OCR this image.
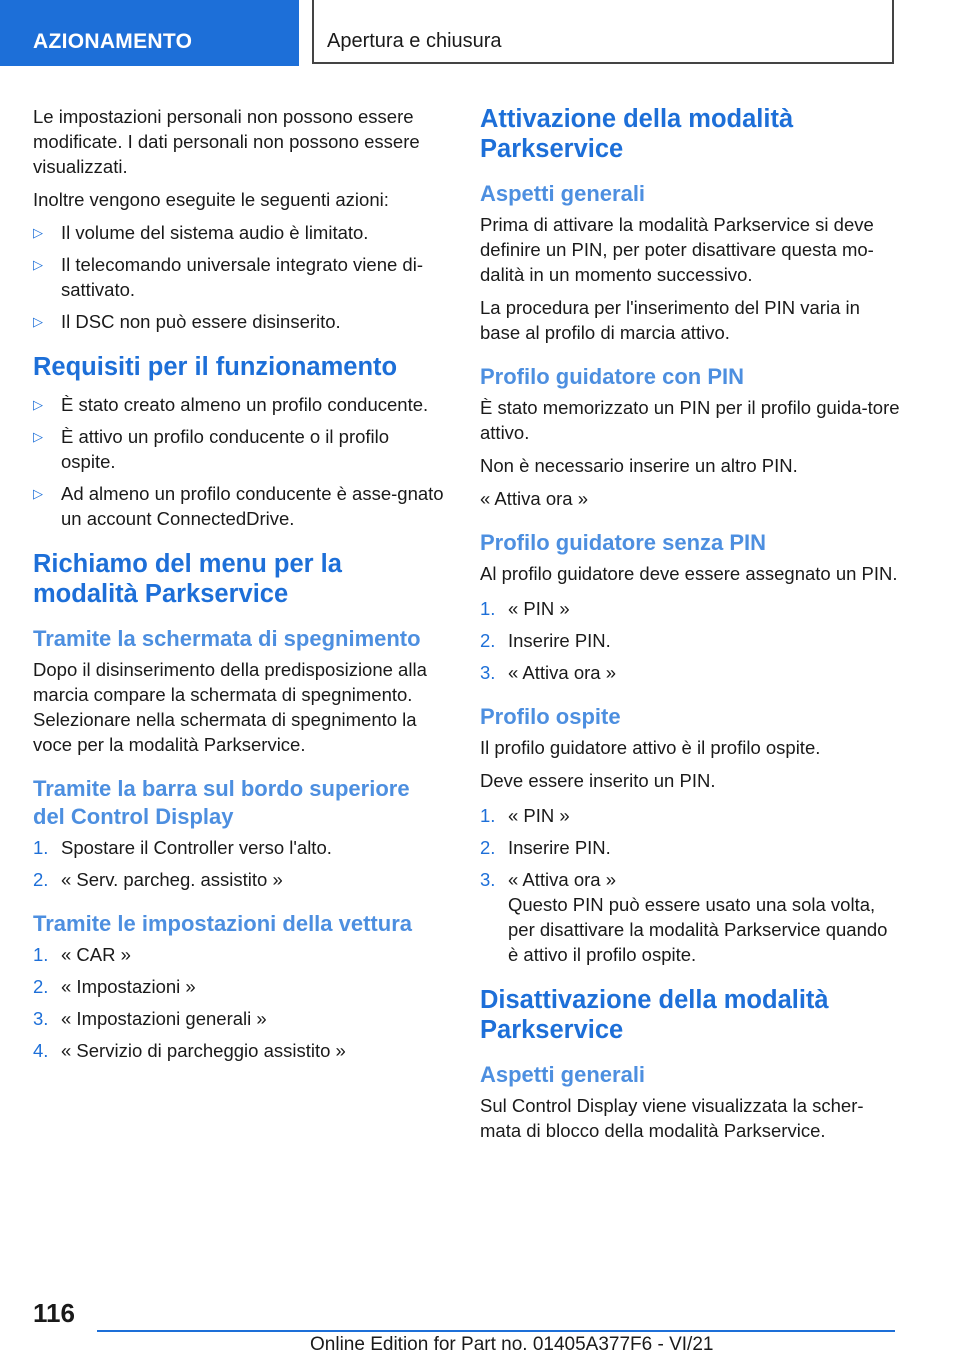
AZIONAMENTO	Apertura e chiusura

Le impostazioni personali non possono essere modificate. I dati personali non possono essere visualizzati.

Inoltre vengono eseguite le seguenti azioni:

▷ Il volume del sistema audio è limitato.
▷ Il telecomando universale integrato viene di-sattivato.
▷ Il DSC non può essere disinserito.
Requisiti per il funzionamento
▷ È stato creato almeno un profilo conducente.
▷ È attivo un profilo conducente o il profilo ospite.
▷ Ad almeno un profilo conducente è asse-gnato un account ConnectedDrive.
Richiamo del menu per la modalità Parkservice
Tramite la schermata di spegnimento

Dopo il disinserimento della predisposizione alla marcia compare la schermata di spegnimento.

Selezionare nella schermata di spegnimento la voce per la modalità Parkservice.

Tramite la barra sul bordo superiore del Control Display
1. Spostare il Controller verso l'alto.
2. « Serv. parcheg. assistito »
Tramite le impostazioni della vettura
1. « CAR »
2. « Impostazioni »
3. « Impostazioni generali »
4. « Servizio di parcheggio assistito »
Attivazione della modalità Parkservice
Aspetti generali

Prima di attivare la modalità Parkservice si deve definire un PIN, per poter disattivare questa mo-dalità in un momento successivo.

La procedura per l'inserimento del PIN varia in base al profilo di marcia attivo.

Profilo guidatore con PIN

È stato memorizzato un PIN per il profilo guida-tore attivo.

Non è necessario inserire un altro PIN.

« Attiva ora »

Profilo guidatore senza PIN

Al profilo guidatore deve essere assegnato un PIN.

1. « PIN »
2. Inserire PIN.
3. « Attiva ora »
Profilo ospite

Il profilo guidatore attivo è il profilo ospite.

Deve essere inserito un PIN.

1. « PIN »
2. Inserire PIN.
3. « Attiva ora »
Questo PIN può essere usato una sola volta, per disattivare la modalità Parkservice quando è attivo il profilo ospite.
Disattivazione della modalità Parkservice
Aspetti generali

Sul Control Display viene visualizzata la scher-mata di blocco della modalità Parkservice.

116
Online Edition for Part no. 01405A377F6 - VI/21
